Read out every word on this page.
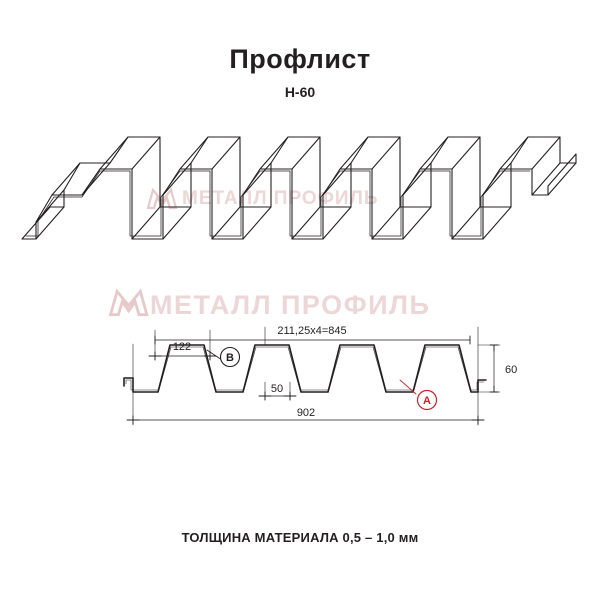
МЕТАЛЛ ПРОФИЛЬ
МЕТАЛЛ ПРОФИЛЬ
Профлист
Н-60
B
A
211,25х4=845
122
50
902
60
ТОЛЩИНА МАТЕРИАЛА 0,5 – 1,0 мм
